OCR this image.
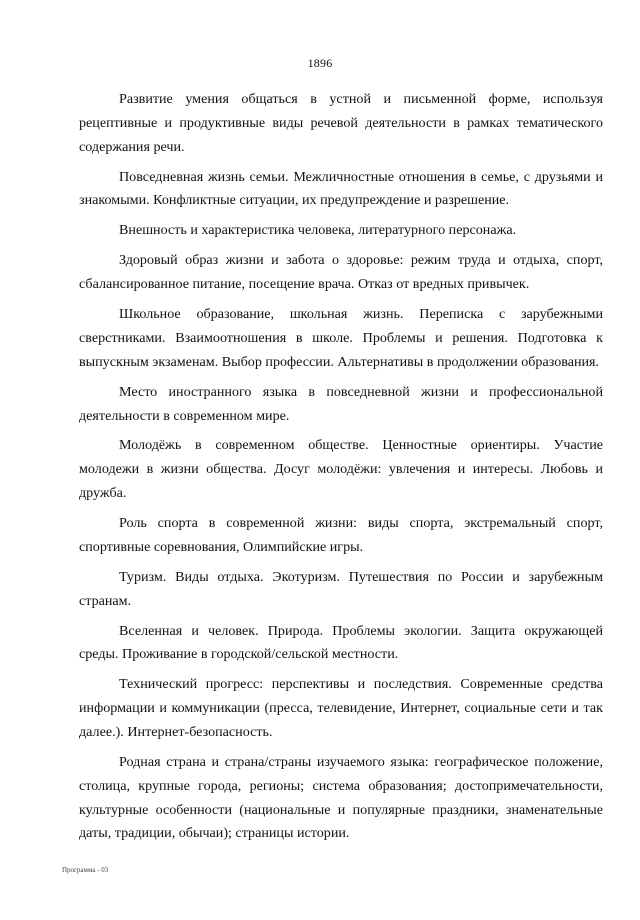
1896

Развитие умения общаться в устной и письменной форме, используя рецептивные и продуктивные виды речевой деятельности в рамках тематического содержания речи.

Повседневная жизнь семьи. Межличностные отношения в семье, с друзьями и знакомыми. Конфликтные ситуации, их предупреждение и разрешение.

Внешность и характеристика человека, литературного персонажа.

Здоровый образ жизни и забота о здоровье: режим труда и отдыха, спорт, сбалансированное питание, посещение врача. Отказ от вредных привычек.

Школьное образование, школьная жизнь. Переписка с зарубежными сверстниками. Взаимоотношения в школе. Проблемы и решения. Подготовка к выпускным экзаменам. Выбор профессии. Альтернативы в продолжении образования.

Место иностранного языка в повседневной жизни и профессиональной деятельности в современном мире.

Молодёжь в современном обществе. Ценностные ориентиры. Участие молодежи в жизни общества. Досуг молодёжи: увлечения и интересы. Любовь и дружба.

Роль спорта в современной жизни: виды спорта, экстремальный спорт, спортивные соревнования, Олимпийские игры.

Туризм. Виды отдыха. Экотуризм. Путешествия по России и зарубежным странам.

Вселенная и человек. Природа. Проблемы экологии. Защита окружающей среды. Проживание в городской/сельской местности.

Технический прогресс: перспективы и последствия. Современные средства информации и коммуникации (пресса, телевидение, Интернет, социальные сети и так далее.). Интернет-безопасность.

Родная страна и страна/страны изучаемого языка: географическое положение, столица, крупные города, регионы; система образования; достопримечательности, культурные особенности (национальные и популярные праздники, знаменательные даты, традиции, обычаи); страницы истории.

Программа - 03
